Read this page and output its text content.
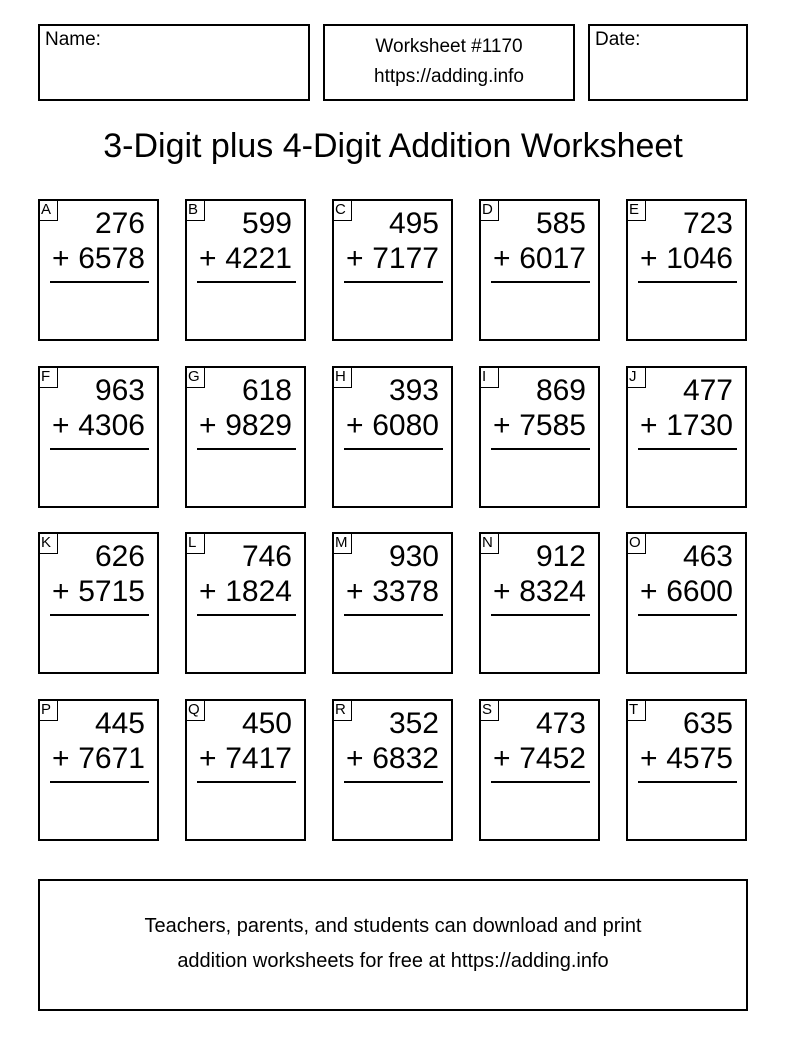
Name:	Worksheet #1170
https://adding.info
Date:
3-Digit plus 4-Digit Addition Worksheet
A 276
+ 6578
B 599
+ 4221
C 495
+ 7177
D 585
+ 6017
E 723
+ 1046
F 963
+ 4306
G 618
+ 9829
H 393
+ 6080
I	869
+ 7585
J	477
+ 1730
K 626
+ 5715
L 746
+ 1824
M 930
+ 3378
N 912
+ 8324
O 463
+ 6600
P 445
+ 7671
Q 450
+ 7417
R 352
+ 6832
S 473
+ 7452
T 635
+ 4575
Teachers, parents, and students can download and print
addition worksheets for free at https://adding.info
